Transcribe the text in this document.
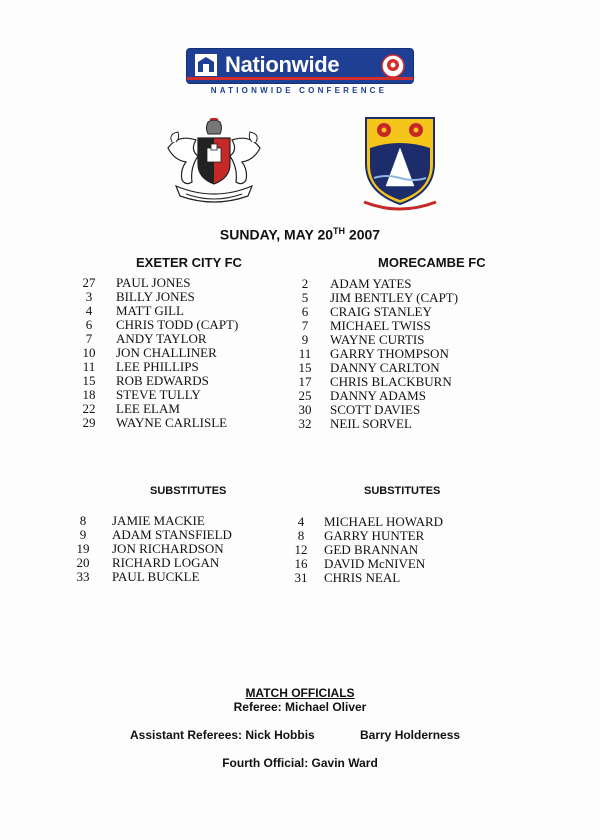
Nationwide
NATIONWIDE CONFERENCE
SUNDAY, MAY 20TH 2007
EXETER CITY FC	MORECAMBE FC
27	PAUL JONES
3	BILLY JONES
4	MATT GILL
6	CHRIS TODD (CAPT)
7	ANDY TAYLOR
10	JON CHALLINER
11	LEE PHILLIPS
15	ROB EDWARDS
18	STEVE TULLY
22	LEE ELAM
29	WAYNE CARLISLE
2	ADAM YATES
5	JIM BENTLEY (CAPT)
6	CRAIG STANLEY
7	MICHAEL TWISS
9	WAYNE CURTIS
11	GARRY THOMPSON
15	DANNY CARLTON
17	CHRIS BLACKBURN
25	DANNY ADAMS
30	SCOTT DAVIES
32	NEIL SORVEL
SUBSTITUTES	SUBSTITUTES
8	JAMIE MACKIE
9	ADAM STANSFIELD
19	JON RICHARDSON
20	RICHARD LOGAN
33	PAUL BUCKLE
4	MICHAEL HOWARD
8	GARRY HUNTER
12	GED BRANNAN
16	DAVID McNIVEN
31	CHRIS NEAL
MATCH OFFICIALS
Referee: Michael Oliver
Assistant Referees: Nick Hobbis	Barry Holderness
Fourth Official: Gavin Ward
